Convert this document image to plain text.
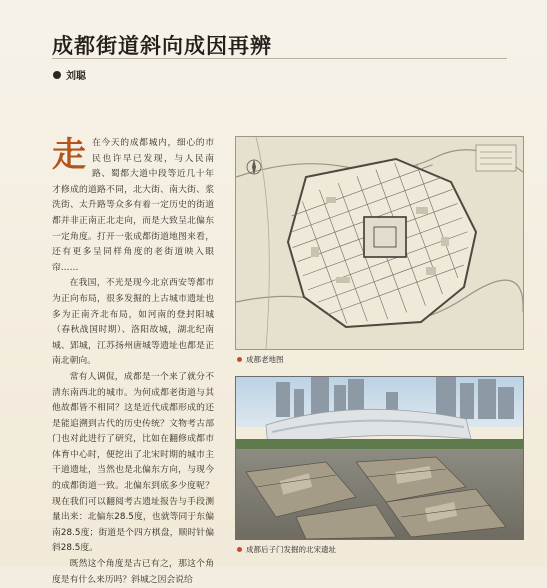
成都街道斜向成因再辨
刘聪
走 在今天的成都城内，细心的市民也许早已发现，与人民南路、蜀都大道中段等近几十年才修成的道路不同，北大街、南大街、浆洗街、太升路等众多有着一定历史的街道都并非正南正北走向，而是大致呈北偏东一定角度。打开一张成都街道地图来看，还有更多呈同样角度的老街道映入眼帘……

在我国，不光是现今北京西安等都市为正向布局，很多发掘的上古城市遗址也多为正南齐北布局，如河南的登封阳城（春秋战国时期）、洛阳故城，湖北纪南城、郢城，江苏扬州唐城等遗址也都是正南北朝向。

常有人调侃，成都是一个来了就分不清东南西北的城市。为何成都老街道与其他故都皆不相同？这是近代成都形成的还是能追溯到古代的历史传统？文物考古部门也对此进行了研究，比如在翻修成都市体育中心时，便挖出了北宋时期的城市主干道遗址，当然也是北偏东方向，与现今的成都街道一致。北偏东到底多少度呢？现在我们可以翻阅考古遗址报告与手段测量出来：北偏东28.5度，也就等同于东偏南28.5度；街道是个四方棋盘，顺时针偏斜28.5度。

既然这个角度是古已有之，那这个角度是有什么来历吗？斜城之因会说给

成都老地图
成都后子门发掘的北宋遗址
